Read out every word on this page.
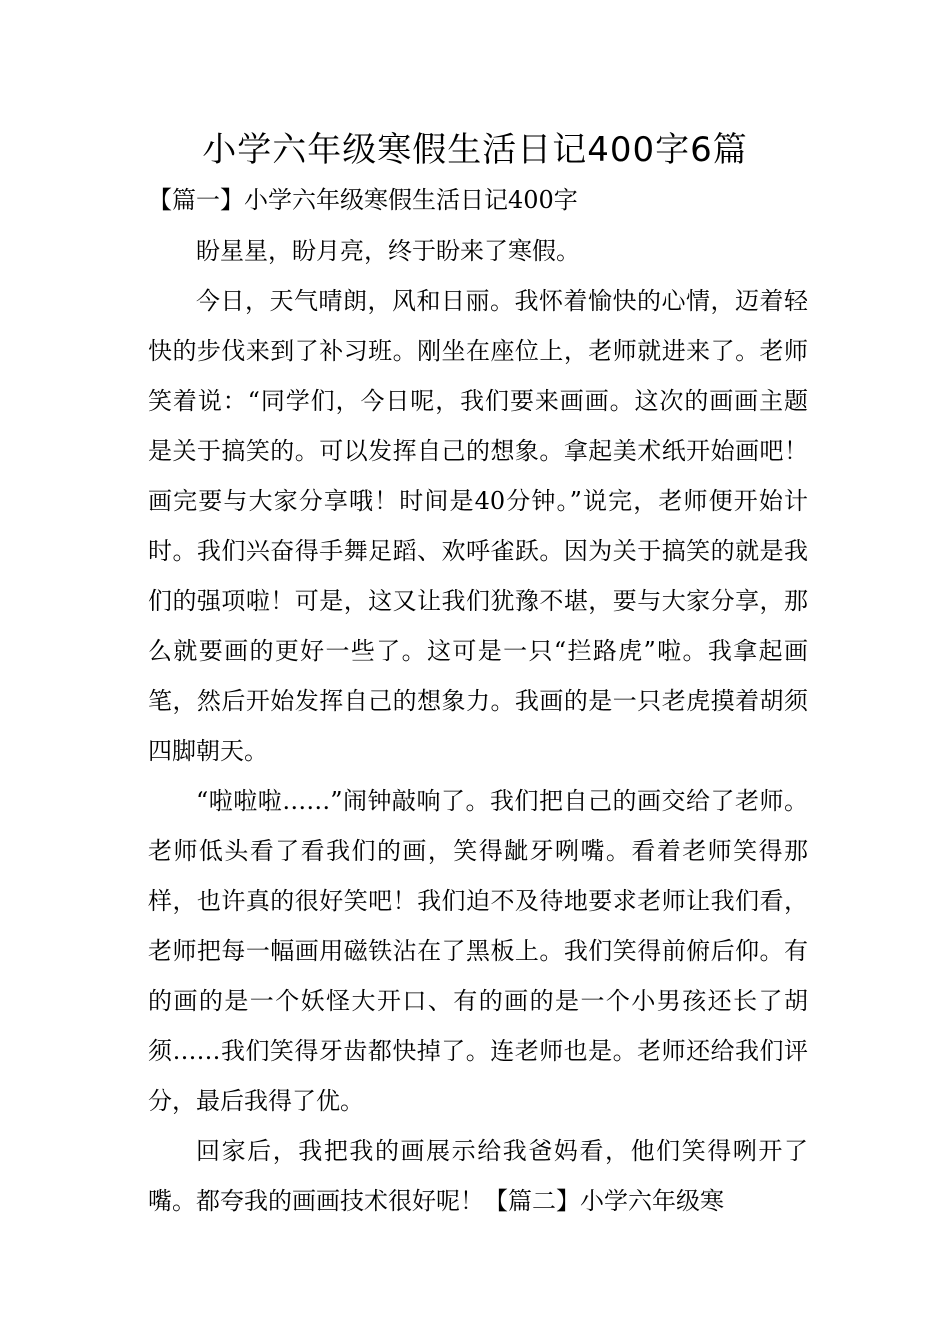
小学六年级寒假生活日记400字6篇
【篇一】小学六年级寒假生活日记400字

盼星星，盼月亮，终于盼来了寒假。

今日，天气晴朗，风和日丽。我怀着愉快的心情，迈着轻快的步伐来到了补习班。刚坐在座位上，老师就进来了。老师笑着说：“同学们，今日呢，我们要来画画。这次的画画主题是关于搞笑的。可以发挥自己的想象。拿起美术纸开始画吧！画完要与大家分享哦！时间是40分钟。”说完，老师便开始计时。我们兴奋得手舞足蹈、欢呼雀跃。因为关于搞笑的就是我们的强项啦！可是，这又让我们犹豫不堪，要与大家分享，那么就要画的更好一些了。这可是一只“拦路虎”啦。我拿起画笔，然后开始发挥自己的想象力。我画的是一只老虎摸着胡须四脚朝天。

“啦啦啦……”闹钟敲响了。我们把自己的画交给了老师。老师低头看了看我们的画，笑得龇牙咧嘴。看着老师笑得那样，也许真的很好笑吧！我们迫不及待地要求老师让我们看，老师把每一幅画用磁铁沾在了黑板上。我们笑得前俯后仰。有的画的是一个妖怪大开口、有的画的是一个小男孩还长了胡须……我们笑得牙齿都快掉了。连老师也是。老师还给我们评分，最后我得了优。

回家后，我把我的画展示给我爸妈看，他们笑得咧开了嘴。都夸我的画画技术很好呢！【篇二】小学六年级寒
